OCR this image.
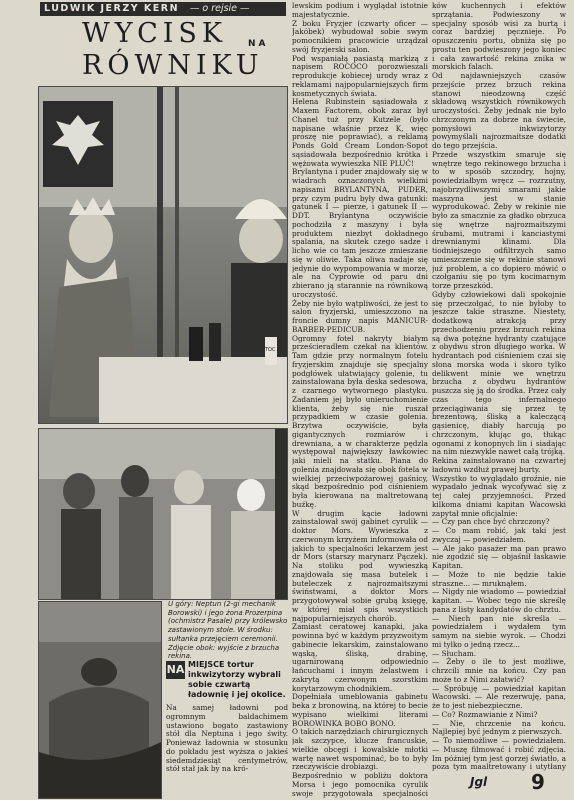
LUDWIK JERZY KERN — o rejsie —
WYCISK NA
RÓWNIKU
TOC
U góry: Neptun (2-gi mechanik Borowski) i jego żona Prozerpina (ochmistrz Pasale) przy królewsko zastawionym stole. W środku: sułtanka przejęciem ceremonii. Zdjęcie obok: wyjście z brzucha rekina.
NA MIEJSCE tortur inkwizytorzy wybrali sobie czwartą ładownię i jej okolice.
Na samej ładowni pod ogromnym baldachimem ustawiono bogato zastawiony stół dla Neptuna i jego świty. Ponieważ ładownia w stosunku do pokładu jest wyższa o jakieś siedemdziesiąt centymetrów, stół stał jak by na kró-
lewskim podium i wyglądał istotnie majestatycznie.
Z boku Fryzjer (czwarty oficer — Jakóbek) wybudował sobie swym pomocnikiem pracowicie urządzał swój fryzjerski salon.
Pod wspaniałą pasiastą markizą z napisem ROCOCO porozwieszali reprodukcje kobiecej urody wraz z reklamami najpopularniejszych firm kosmetycznych świata.
Helena Rubinstein sąsiadowała z Maxem Factorem, obok zaraz był Chanel tuż przy Kutzele (było napisane właśnie przez K, więc proszę nie poprawiać), a reklamą Ponds Gold Cream London-Sopot sąsiadowała bezpośrednio krótka i wężowata wywieszka NIE PLUĆ!
Brylantyna i puder znajdowały się w wiadrach oznaczonych wielkimi napisami BRYLANTYNA, PUDER, przy czym pudru były dwa gatunki: gatunek I — pierze, i gatunek II — DDT. Brylantyna oczywiście pochodziła z maszyny i była produktem niezbyt dokładnego spalania, na skutek czego sadze i licho wie co tam jeszcze zmieszane się w oliwie. Taka oliwa nadaje się jedynie do wypompowania w morze, ale na Cyprowie od paru dni zbierano ją starannie na równikową uroczystość.
Żeby nie było wątpliwości, że jest to salon fryzjerski, umieszczono na froncie dumny napis MANICUR-BARBER-PEDICUB.
Ogromny fotel nakryty białym prześcieradłem czekał na klientów. Tam gdzie przy normalnym fotelu fryzjerskim znajduje się specjalny podgłówek ułatwiający golenie, tu zainstalowana była deska sedesowa, z czarnego wytwornego plastyku. Zadaniem jej było unieruchomienie klienta, żeby się nie ruszał przypadkiem w czasie golenia. Brzytwa oczywiście, była gigantycznych rozmiarów i drewniana, a w charakterze pędzla występował największy ławkowiec jaki mieli na statku. Piana do golenia znajdowała się obok fotela w wielkiej przeciwpożarowej gaśnicy, skąd bezpośrednio pod ciśnieniem była kierowana na maltretowaną buźkę.
W drugim kącie ładowni zainstalował swój gabinet cyrulik — doktor Mors. Wywieszka z czerwonym krzyżem informowała od jakich to specjalności lekarzem jest dr Mors (starszy marynarz Pączek). Na stoliku pod wywieszką znajdowała się masa butelek i buteleczek z najrozmaitszymi świństwami, a doktor Mors przygotowywał sobie grubą księgę, w której miał spis wszystkich najpopularniejszych chorób.
Zamiast ceratowej kanapki, jaka powinna być w każdym przyzwoitym gabinecie lekarskim, zainstalowano wąską, śliską, drabinę, ugarnirowaną odpowiednio łańcuchami i innym żelastwem i zakrytą czerwonym szorstkim korytarzowym chodnikiem.
Dopełniała umeblowania gabinetu beka z bronowiną, na której to becie wypisano wielkimi literami BOROWINKA BOBO BONO.
O takich narzędziach chirurgicznych jak szczypce, klucze francuskie, wielkie obcęgi i kowalskie młotki wartę nawet wspominać, bo to były rzeczywiście drobiazgi.
Bezpośrednio w pobliżu doktora Morsa i jego pomocnika cyrulik swoje przygotowała specjalności

ków kuchennych i efektów sprzątania. Podwieszony w specjalny sposób wisi za burtą i coraz bardziej pęcznieje. Po opuszczeniu portu, obniża się po prostu ten podwieszony jego koniec i cała zawartość rekina znika w morskich falach.
Od najdawniejszych czasów przejście przez brzuch rekina stanowi nieodzowną część składową wszystkich równikowych uroczystości. Żeby jednak nie było chrzczonym za dobrze na świecie, pomysłowi inkwizytorzy powymyślali najrozmaitsze dodatki do tego przejścia.
Przede wszystkim smaruje się wnętrze tego rekinowego brzucha i to w sposób szczodry, hojny, powiedziałbym wręcz — rozrzutny, najobrzydliwszymi smarami jakie maszyna jest w stanie wyprodukować. Żeby w rekinie nie było za smacznie za gładko obrzuca się wnętrze najrozmaitszymi śrubami, mutrami i kanciastymi drewnianymi klinami. Dla tiodniejszego odfiltrzych samo umieszczenie się w rekinie stanowi już problem, a co dopiero mówić o czołganiu się po tym kocimarnym torze przeszkód.
Gdyby człowiekowi dali spokojnie się przeczołgać, to nie byłoby to jeszcze takie straszne. Niestety, dodatkową atrakcją przy przechodzeniu przez brzuch rekina są dwa potężne hydranty czatujące z obydwu stron długiego worka. W hydrantach pod ciśnieniem czai się słona morska woda i skoro tylko delikwent minie we wnętrzu brzucha z obydwu hydrantów puszcza się ją do środka. Przez cały czas tego infernalnego przeciągiwania się przez tę brezentową, śliską a kaleczącą gąsienicę, diabły harcują po chrzczonym, kłując go, tłukąc ogonami z konopnych lin i siadając na nim niezwykle nawet całą trójką.
Rekina zainstalowano na czwartej ładowni wzdłuż prawej burty.
Wszystko to wyglądało groźnie, nie wypadało jednak wycofywać się z tej całej przyjemności. Przed kilkoma dniami kapitan Wacowski zapytał mnie oficjalnie:
— Czy pan chce być chrzczony?
— Co mam robić, jak taki jest zwyczaj — powiedziałem.
— Ale jako pasażer ma pan prawo nie zgodzić się — objaśnił łaskawie Kapitan.
— Może to nie będzie takie straszne... — mruknąłem.
— Nigdy nie wiadomo — powiedział kapitan. — Wobec tego nie skreślę pana z listy kandydatów do chrztu.
— Niech pan nie skreśla — powiedziałem i wydałem tym samym na siebie wyrok. — Chodzi mi tylko o jedną rzecz...
— Słucham.
— Żeby o ile to jest możliwe, chrzcili mnie na końcu. Czy pan może to z Nimi załatwić?
— Spróbuję — powiedział kapitan Wacowski. — Ale rezerwuję, pana, że to jest niebezpieczne.
— Co? Rozmawianie z Nimi?
— Nie, chrzcenie na końcu. Najlepiej być jednym z pierwszych.
— To niemożliwe — powiedziałem. — Muszę filmować i robić zdjęcia. Im później tym jest gorzej światło, a poza tym maaltretowany i utytłany

Jgl 9
